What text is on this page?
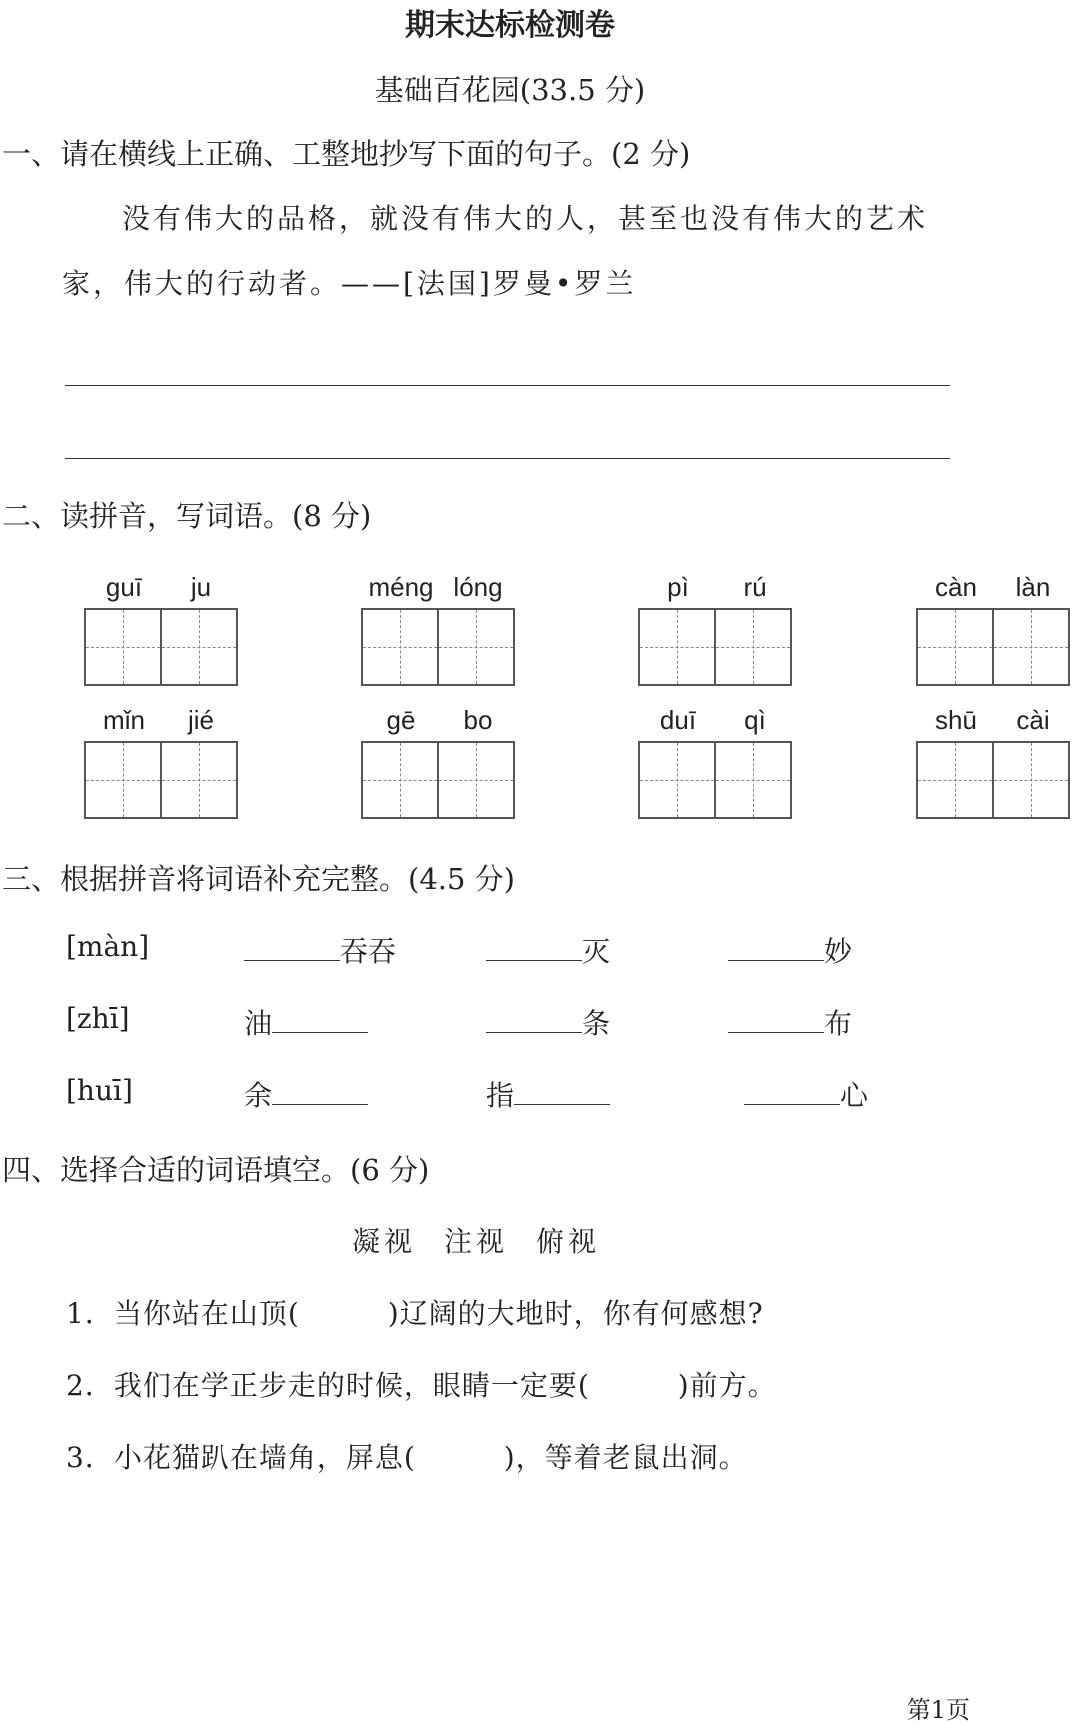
期末达标检测卷
基础百花园(33.5 分)
一、请在横线上正确、工整地抄写下面的句子。(2 分)
没有伟大的品格，就没有伟大的人，甚至也没有伟大的艺术
家，伟大的行动者。——[法国]罗曼•罗兰
二、读拼音，写词语。(8 分)
guī ju	méng lóng	pì rú	càn làn
mǐn jié	gē bo	duī qì	shū cài
三、根据拼音将词语补充完整。(4.5 分)
[màn]	吞吞	灭	妙
[zhī]	油	条	布
[huī]	余	指	心
四、选择合适的词语填空。(6 分)
凝视 注视 俯视
1．当你站在山顶(	)辽阔的大地时，你有何感想?
2．我们在学正步走的时候，眼睛一定要(	)前方。
3．小花猫趴在墙角，屏息(	)，等着老鼠出洞。
第1页
